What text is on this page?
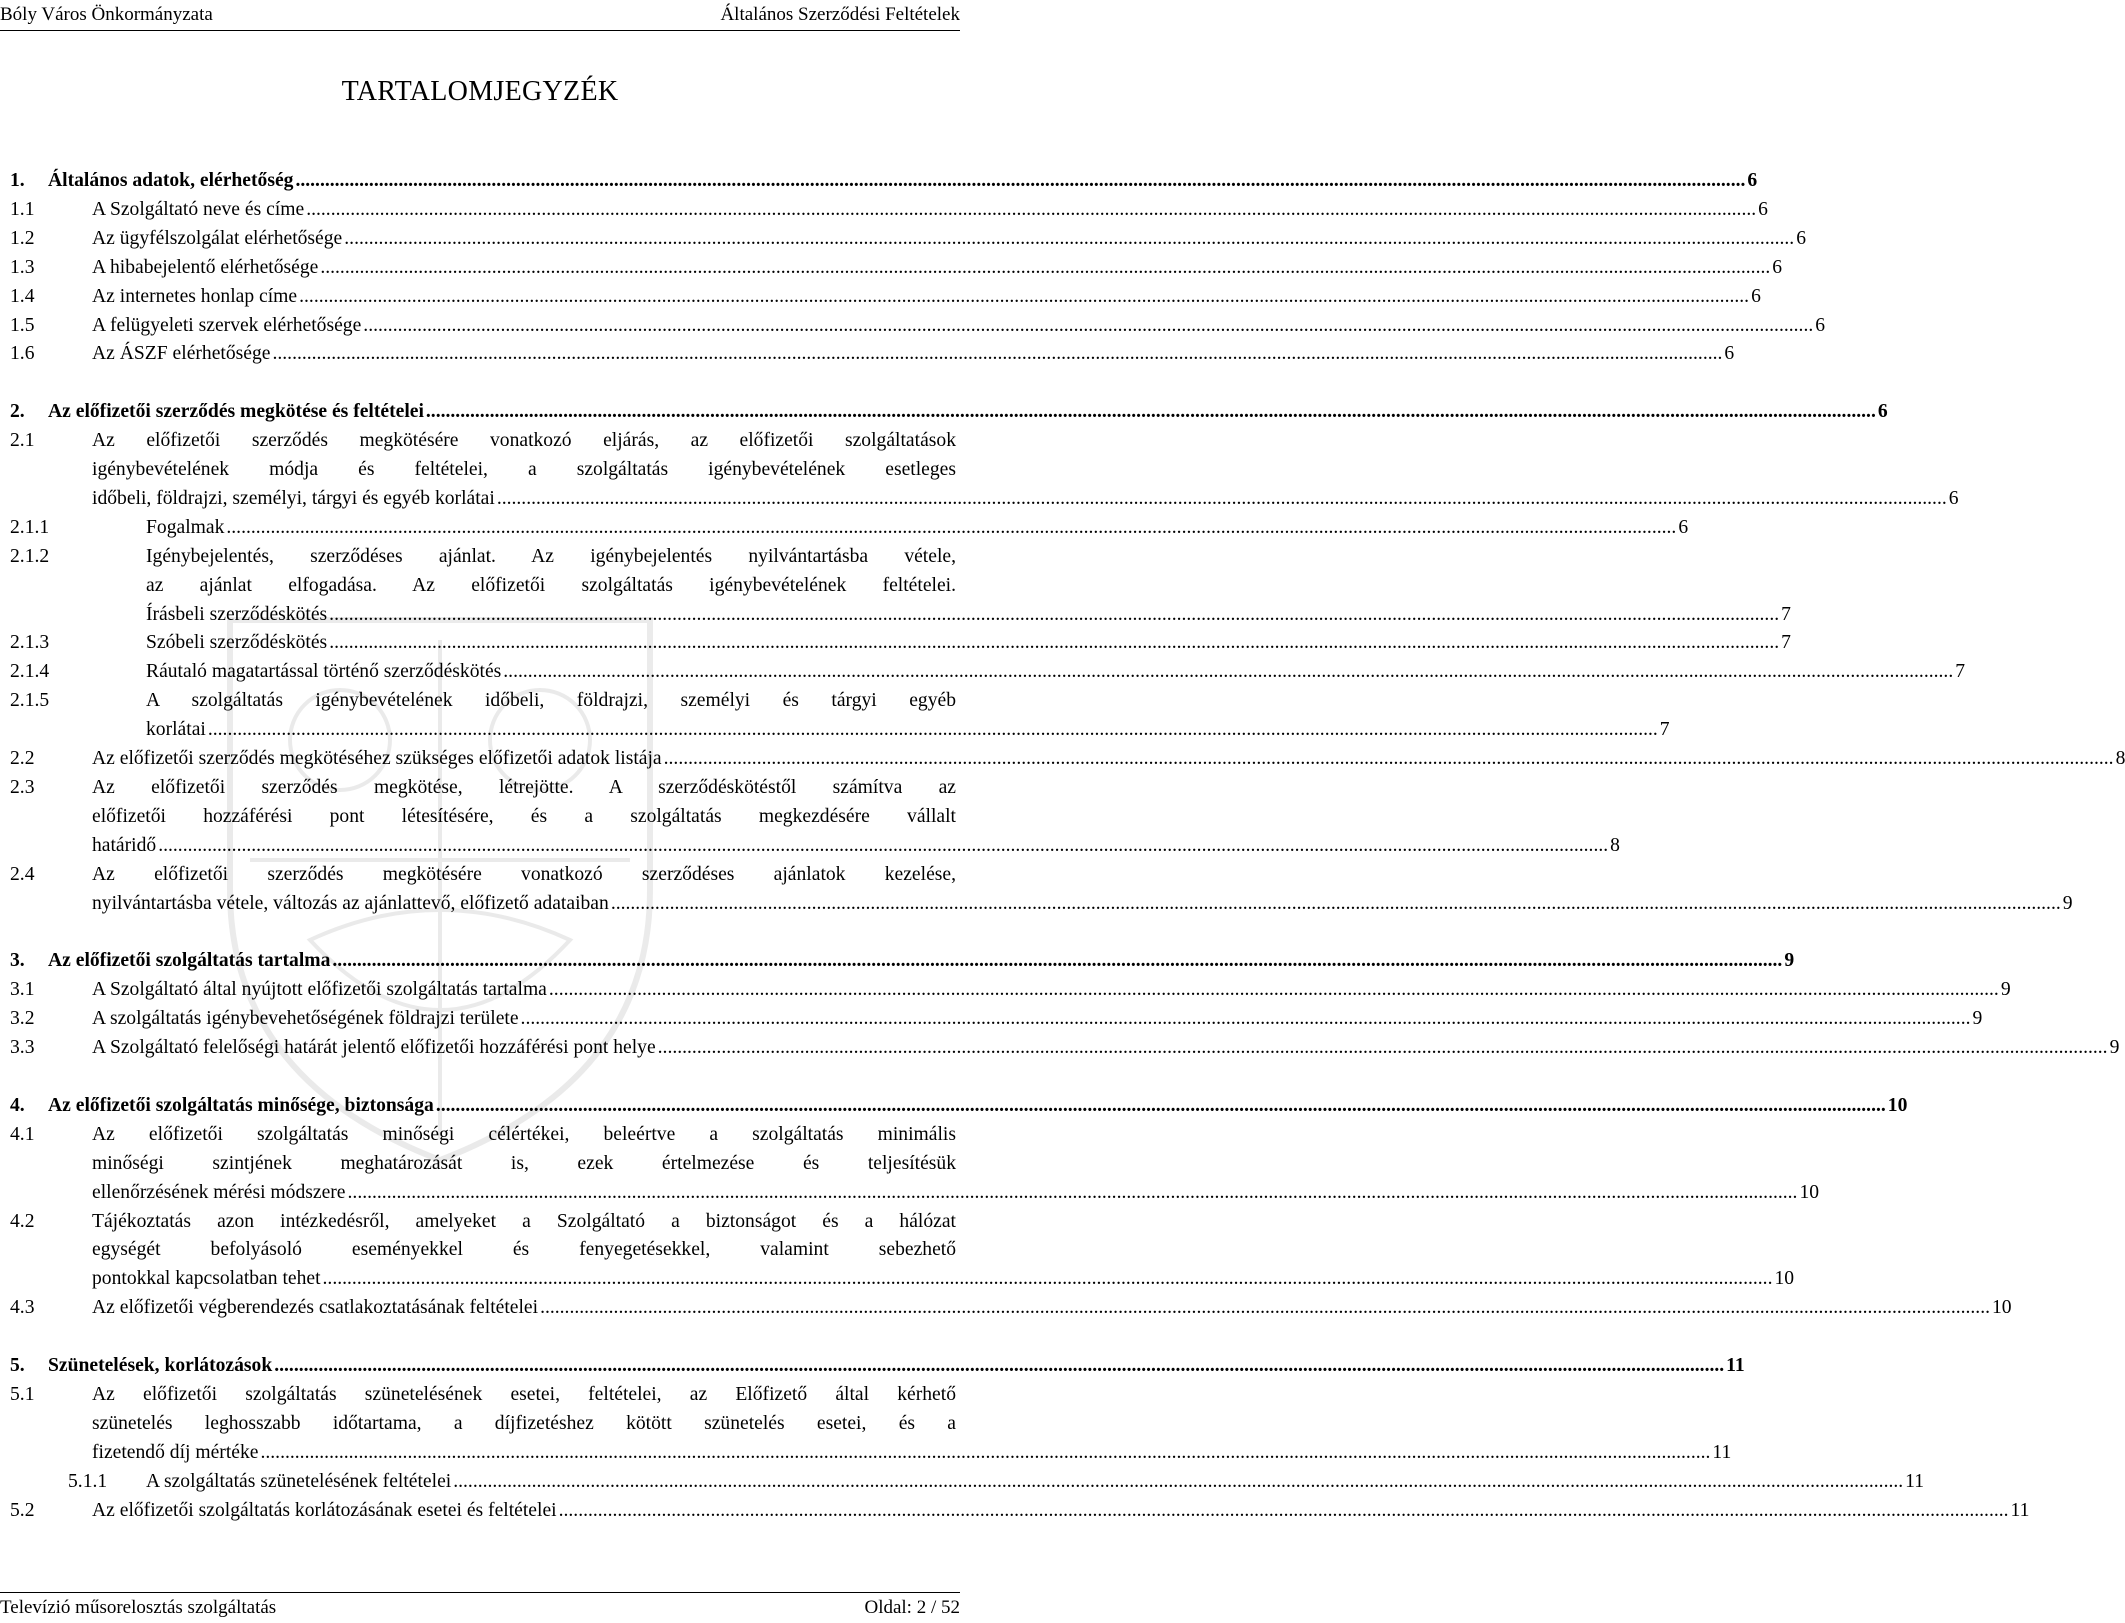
Bóly Város Önkormányzata	Általános Szerződési Feltételek
TARTALOMJEGYZÉK
1. Általános adatok, elérhetőség .....	6
1.1	A Szolgáltató neve és címe .....	6
1.2	Az ügyfélszolgálat elérhetősége .....	6
1.3	A hibabejelentő elérhetősége .....	6
1.4	Az internetes honlap címe .....	6
1.5	A felügyeleti szervek elérhetősége .....	6
1.6	Az ÁSZF elérhetősége .....	6
2. Az előfizetői szerződés megkötése és feltételei .....	6
2.1	Az előfizetői szerződés megkötésére vonatkozó eljárás, az előfizetői szolgáltatások
igénybevételének módja és feltételei, a szolgáltatás igénybevételének esetleges
időbeli, földrajzi, személyi, tárgyi és egyéb korlátai .....	6
2.1.1	Fogalmak .....	6
2.1.2	Igénybejelentés, szerződéses ajánlat. Az igénybejelentés nyilvántartásba vétele,
az ajánlat elfogadása. Az előfizetői szolgáltatás igénybevételének feltételei.
Írásbeli szerződéskötés .....	7
2.1.3	Szóbeli szerződéskötés .....	7
2.1.4	Ráutaló magatartással történő szerződéskötés .....	7
2.1.5	A szolgáltatás igénybevételének időbeli, földrajzi, személyi és tárgyi egyéb
korlátai .....	7
2.2	Az előfizetői szerződés megkötéséhez szükséges előfizetői adatok listája .....	8
2.3	Az előfizetői szerződés megkötése, létrejötte. A szerződéskötéstől számítva az
előfizetői hozzáférési pont létesítésére, és a szolgáltatás megkezdésére vállalt
határidő .....	8
2.4	Az előfizetői szerződés megkötésére vonatkozó szerződéses ajánlatok kezelése,
nyilvántartásba vétele, változás az ajánlattevő, előfizető adataiban .....	9
3. Az előfizetői szolgáltatás tartalma .....	9
3.1	A Szolgáltató által nyújtott előfizetői szolgáltatás tartalma .....	9
3.2	A szolgáltatás igénybevehetőségének földrajzi területe .....	9
3.3	A Szolgáltató felelőségi határát jelentő előfizetői hozzáférési pont helye .....	9
4. Az előfizetői szolgáltatás minősége, biztonsága .....	10
4.1	Az előfizetői szolgáltatás minőségi célértékei, beleértve a szolgáltatás minimális
minőségi szintjének meghatározását is, ezek értelmezése és teljesítésük
ellenőrzésének mérési módszere .....	10
4.2	Tájékoztatás azon intézkedésről, amelyeket a Szolgáltató a biztonságot és a hálózat
egységét befolyásoló eseményekkel és fenyegetésekkel, valamint sebezhető
pontokkal kapcsolatban tehet .....	10
4.3	Az előfizetői végberendezés csatlakoztatásának feltételei .....	10
5. Szünetelések, korlátozások .....	11
5.1	Az előfizetői szolgáltatás szünetelésének esetei, feltételei, az Előfizető által kérhető
szünetelés leghosszabb időtartama, a díjfizetéshez kötött szünetelés esetei, és a
fizetendő díj mértéke .....	11
5.1.1 A szolgáltatás szünetelésének feltételei .....	11
5.2	Az előfizetői szolgáltatás korlátozásának esetei és feltételei .....	11
Televízió műsorelosztás szolgáltatás	Oldal: 2 / 52
